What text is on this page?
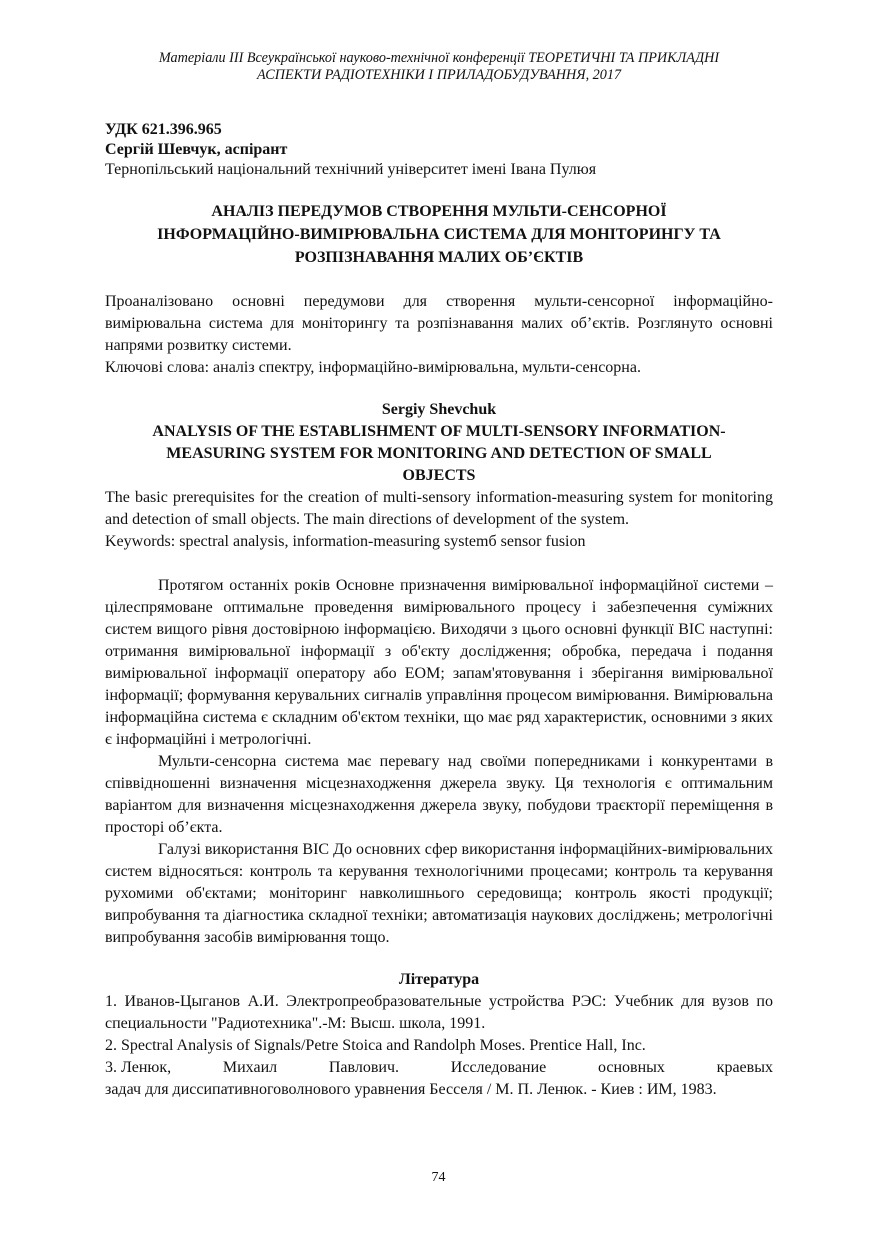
Матеріали ІІІ Всеукраїнської науково-технічної конференції ТЕОРЕТИЧНІ ТА ПРИКЛАДНІ
АСПЕКТИ РАДІОТЕХНІКИ І ПРИЛАДОБУДУВАННЯ, 2017

УДК 621.396.965

Сергій Шевчук, аспірант

Тернопільський національний технічний університет імені Івана Пулюя

АНАЛІЗ ПЕРЕДУМОВ СТВОРЕННЯ МУЛЬТИ-СЕНСОРНОЇ
ІНФОРМАЦІЙНО-ВИМІРЮВАЛЬНА СИСТЕМА ДЛЯ МОНІТОРИНГУ ТА
РОЗПІЗНАВАННЯ МАЛИХ ОБ’ЄКТІВ

Проаналізовано основні передумови для створення мульти-сенсорної інформаційно-вимірювальна система для моніторингу та розпізнавання малих об’єктів. Розглянуто основні напрями розвитку системи.

Ключові слова: аналіз спектру, інформаційно-вимірювальна, мульти-сенсорна.

Sergiy Shevchuk

ANALYSIS OF THE ESTABLISHMENT OF MULTI-SENSORY INFORMATION-
MEASURING SYSTEM FOR MONITORING AND DETECTION OF SMALL
OBJECTS

The basic prerequisites for the creation of multi-sensory information-measuring system for monitoring and detection of small objects. The main directions of development of the system.

Keywords: spectral analysis, information-measuring systemб sensor fusion

Протягом останніх років Основне призначення вимірювальної інформаційної системи – цілеспрямоване оптимальне проведення вимірювального процесу і забезпечення суміжних систем вищого рівня достовірною інформацією. Виходячи з цього основні функції ВІС наступні: отримання вимірювальної інформації з об'єкту дослідження; обробка, передача і подання вимірювальної інформації оператору або ЕОМ; запам'ятовування і зберігання вимірювальної інформації; формування керувальних сигналів управління процесом вимірювання. Вимірювальна інформаційна система є складним об'єктом техніки, що має ряд характеристик, основними з яких є інформаційні і метрологічні.

Мульти-сенсорна система має перевагу над своїми попередниками і конкурентами в співвідношенні визначення місцезнаходження джерела звуку. Ця технологія є оптимальним варіантом для визначення місцезнаходження джерела звуку, побудови траєкторії переміщення в просторі об’єкта.

Галузі використання ВІС До основних сфер використання інформаційних-вимірювальних систем відносяться: контроль та керування технологічними процесами; контроль та керування рухомими об'єктами; моніторинг навколишнього середовища; контроль якості продукції; випробування та діагностика складної техніки; автоматизація наукових досліджень; метрологічні випробування засобів вимірювання тощо.

Література

1. Иванов-Цыганов А.И. Электропреобразовательные устройства РЭС: Учебник для вузов по специальности "Радиотехника".-М: Высш. школа, 1991.

2. Spectral Analysis of Signals/Petre Stoica and Randolph Moses. Prentice Hall, Inc.

3. Ленюк,	Михаил	Павлович.	Исследование	основных	краевых

задач для диссипативноговолнового уравнения Бесселя / М. П. Ленюк. - Киев : ИМ, 1983.

74
